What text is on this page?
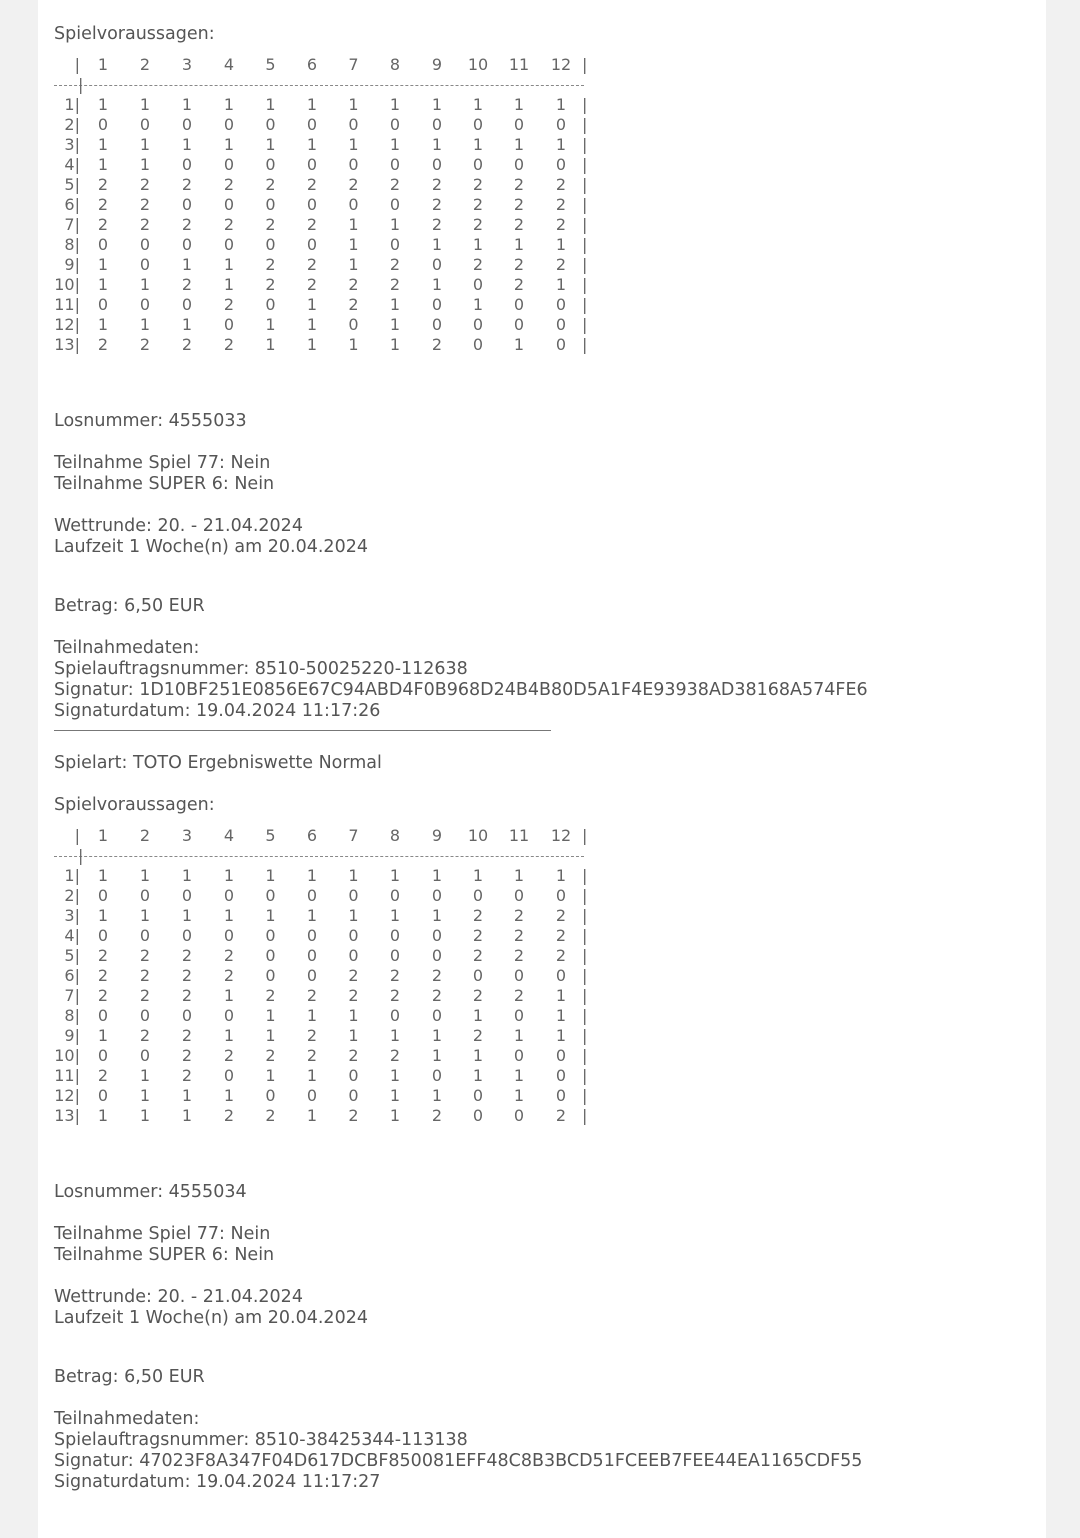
Spielvoraussagen:
|
1	2	3	4	5	6	7	8	9	10	11	12
|
|
1 |	1	1	1	1	1	1	1	1	1	1	1	1
|
2 |	0	0	0	0	0	0	0	0	0	0	0	0
|
3 |	1	1	1	1	1	1	1	1	1	1	1	1
|
4 |	1	1	0	0	0	0	0	0	0	0	0	0
|
5 |	2	2	2	2	2	2	2	2	2	2	2	2
|
6 |	2	2	0	0	0	0	0	0	2	2	2	2
|
7 |	2	2	2	2	2	2	1	1	2	2	2	2
|
8 |	0	0	0	0	0	0	1	0	1	1	1	1
|
9 |	1	0	1	1	2	2	1	2	0	2	2	2
|
10 |	1	1	2	1	2	2	2	2	1	0	2	1
|
11 |	0	0	0	2	0	1	2	1	0	1	0	0
|
12 |	1	1	1	0	1	1	0	1	0	0	0	0
|
13 |	2	2	2	2	1	1	1	1	2	0	1	0
|
Losnummer: 4555033
Teilnahme Spiel 77: Nein
Teilnahme SUPER 6: Nein
Wettrunde: 20. - 21.04.2024
Laufzeit 1 Woche(n) am 20.04.2024
Betrag: 6,50 EUR
Teilnahmedaten:
Spielauftragsnummer: 8510-50025220-112638
Signatur: 1D10BF251E0856E67C94ABD4F0B968D24B4B80D5A1F4E93938AD38168A574FE6
Signaturdatum: 19.04.2024 11:17:26
Spielart: TOTO Ergebniswette Normal
Spielvoraussagen:
|
1	2	3	4	5	6	7	8	9	10	11	12
|
|
1 |	1	1	1	1	1	1	1	1	1	1	1	1
|
2 |	0	0	0	0	0	0	0	0	0	0	0	0
|
3 |	1	1	1	1	1	1	1	1	1	2	2	2
|
4 |	0	0	0	0	0	0	0	0	0	2	2	2
|
5 |	2	2	2	2	0	0	0	0	0	2	2	2
|
6 |	2	2	2	2	0	0	2	2	2	0	0	0
|
7 |	2	2	2	1	2	2	2	2	2	2	2	1
|
8 |	0	0	0	0	1	1	1	0	0	1	0	1
|
9 |	1	2	2	1	1	2	1	1	1	2	1	1
|
10 |	0	0	2	2	2	2	2	2	1	1	0	0
|
11 |	2	1	2	0	1	1	0	1	0	1	1	0
|
12 |	0	1	1	1	0	0	0	1	1	0	1	0
|
13 |	1	1	1	2	2	1	2	1	2	0	0	2
|
Losnummer: 4555034
Teilnahme Spiel 77: Nein
Teilnahme SUPER 6: Nein
Wettrunde: 20. - 21.04.2024
Laufzeit 1 Woche(n) am 20.04.2024
Betrag: 6,50 EUR
Teilnahmedaten:
Spielauftragsnummer: 8510-38425344-113138
Signatur: 47023F8A347F04D617DCBF850081EFF48C8B3BCD51FCEEB7FEE44EA1165CDF55
Signaturdatum: 19.04.2024 11:17:27
